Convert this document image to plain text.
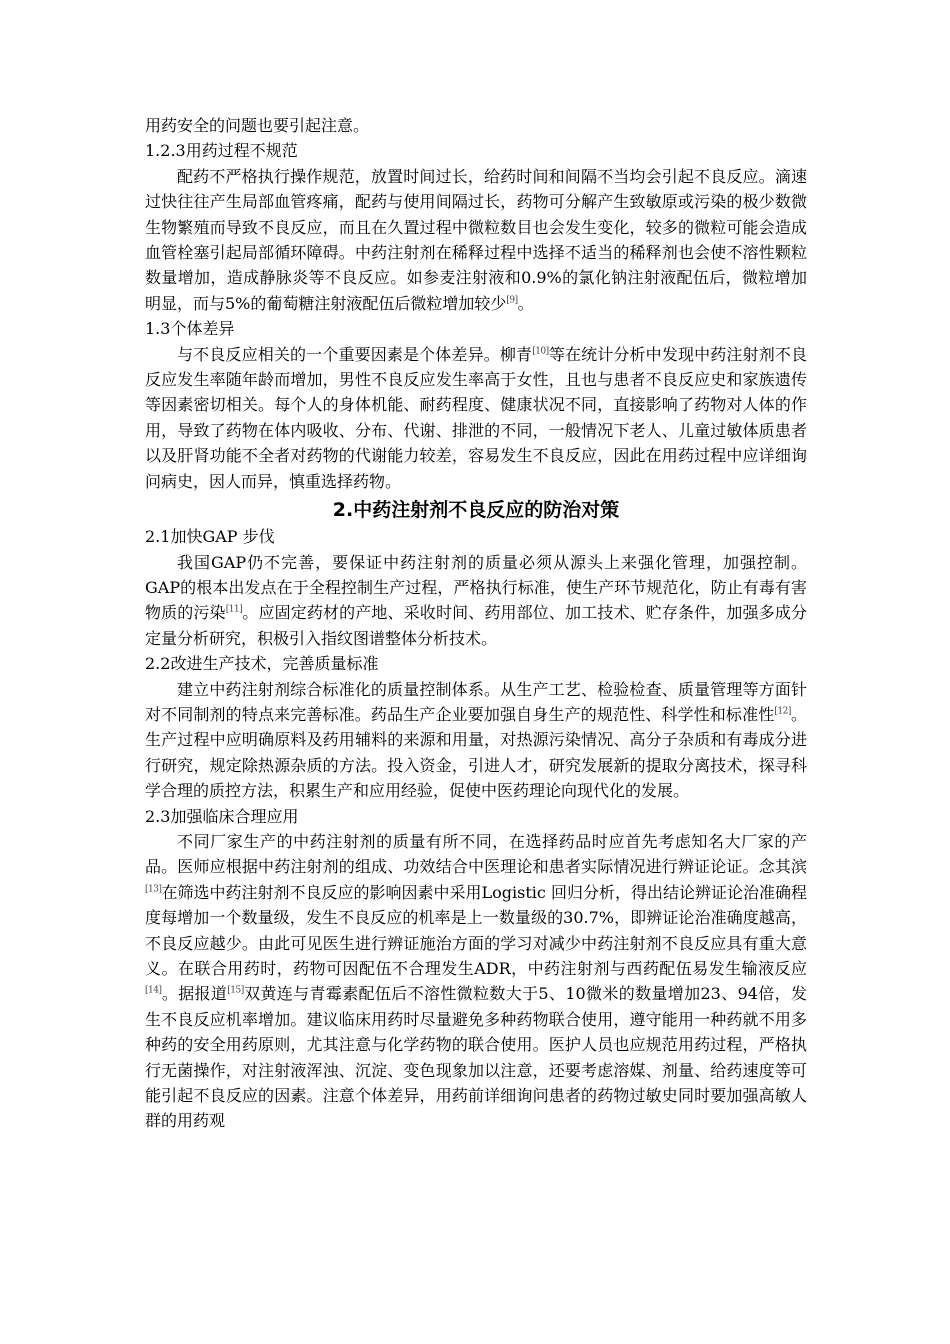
用药安全的问题也要引起注意。

1.2.3用药过程不规范

配药不严格执行操作规范，放置时间过长，给药时间和间隔不当均会引起不良反应。滴速过快往往产生局部血管疼痛，配药与使用间隔过长，药物可分解产生致敏原或污染的极少数微生物繁殖而导致不良反应，而且在久置过程中微粒数目也会发生变化，较多的微粒可能会造成血管栓塞引起局部循环障碍。中药注射剂在稀释过程中选择不适当的稀释剂也会使不溶性颗粒数量增加，造成静脉炎等不良反应。如参麦注射液和0.9%的氯化钠注射液配伍后，微粒增加明显，而与5%的葡萄糖注射液配伍后微粒增加较少[9]。

1.3个体差异

与不良反应相关的一个重要因素是个体差异。柳青[10]等在统计分析中发现中药注射剂不良反应发生率随年龄而增加，男性不良反应发生率高于女性，且也与患者不良反应史和家族遗传等因素密切相关。每个人的身体机能、耐药程度、健康状况不同，直接影响了药物对人体的作用，导致了药物在体内吸收、分布、代谢、排泄的不同，一般情况下老人、儿童过敏体质患者以及肝肾功能不全者对药物的代谢能力较差，容易发生不良反应，因此在用药过程中应详细询问病史，因人而异，慎重选择药物。

2.中药注射剂不良反应的防治对策

2.1加快GAP 步伐

我国GAP仍不完善，要保证中药注射剂的质量必须从源头上来强化管理，加强控制。GAP的根本出发点在于全程控制生产过程，严格执行标准，使生产环节规范化，防止有毒有害物质的污染[11]。应固定药材的产地、采收时间、药用部位、加工技术、贮存条件，加强多成分定量分析研究，积极引入指纹图谱整体分析技术。

2.2改进生产技术，完善质量标准

建立中药注射剂综合标准化的质量控制体系。从生产工艺、检验检查、质量管理等方面针对不同制剂的特点来完善标准。药品生产企业要加强自身生产的规范性、科学性和标准性[12]。生产过程中应明确原料及药用辅料的来源和用量，对热源污染情况、高分子杂质和有毒成分进行研究，规定除热源杂质的方法。投入资金，引进人才，研究发展新的提取分离技术，探寻科学合理的质控方法，积累生产和应用经验，促使中医药理论向现代化的发展。

2.3加强临床合理应用

不同厂家生产的中药注射剂的质量有所不同，在选择药品时应首先考虑知名大厂家的产品。医师应根据中药注射剂的组成、功效结合中医理论和患者实际情况进行辨证论证。念其滨[13]在筛选中药注射剂不良反应的影响因素中采用Logistic 回归分析，得出结论辨证论治准确程度每增加一个数量级，发生不良反应的机率是上一数量级的30.7%，即辨证论治准确度越高，不良反应越少。由此可见医生进行辨证施治方面的学习对减少中药注射剂不良反应具有重大意义。在联合用药时，药物可因配伍不合理发生ADR，中药注射剂与西药配伍易发生输液反应[14]。据报道[15]双黄连与青霉素配伍后不溶性微粒数大于5、10微米的数量增加23、94倍，发生不良反应机率增加。建议临床用药时尽量避免多种药物联合使用，遵守能用一种药就不用多种药的安全用药原则，尤其注意与化学药物的联合使用。医护人员也应规范用药过程，严格执行无菌操作，对注射液浑浊、沉淀、变色现象加以注意，还要考虑溶媒、剂量、给药速度等可能引起不良反应的因素。注意个体差异，用药前详细询问患者的药物过敏史同时要加强高敏人群的用药观
